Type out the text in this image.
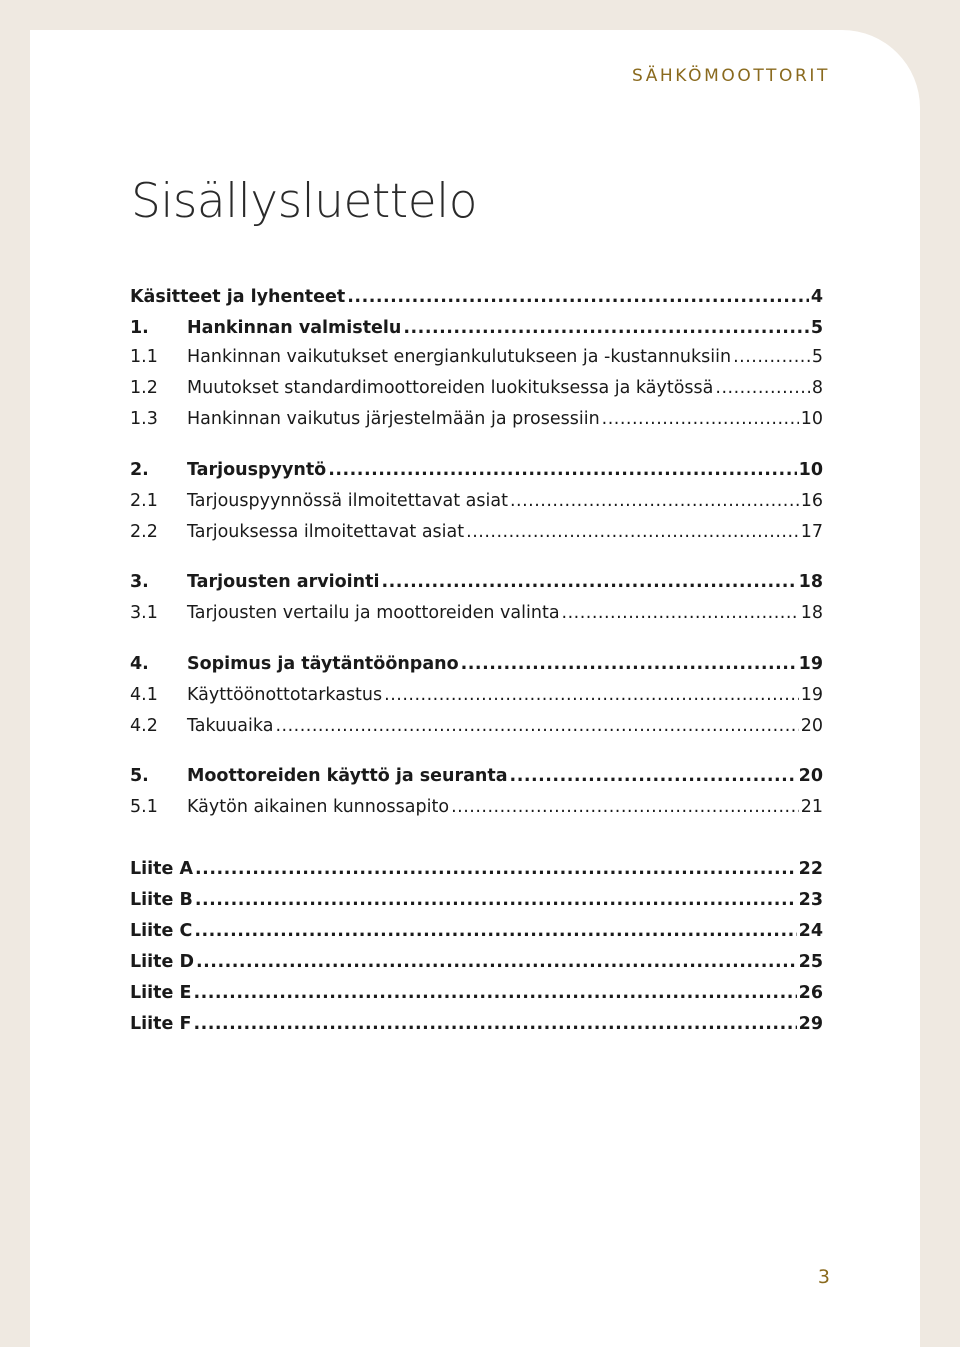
SÄHKÖMOOTTORIT
Sisällysluettelo
Käsitteet ja lyhenteet .....	4
1.	Hankinnan valmistelu .....	5
1.1	Hankinnan vaikutukset energiankulutukseen ja -kustannuksiin .....	5
1.2	Muutokset standardimoottoreiden luokituksessa ja käytössä .....	8
1.3	Hankinnan vaikutus järjestelmään ja prosessiin .....	10
2.	Tarjouspyyntö .....	10
2.1	Tarjouspyynnössä ilmoitettavat asiat .....	16
2.2	Tarjouksessa ilmoitettavat asiat .....	17
3.	Tarjousten arviointi .....	18
3.1	Tarjousten vertailu ja moottoreiden valinta .....	18
4.	Sopimus ja täytäntöönpano .....	19
4.1	Käyttöönottotarkastus .....	19
4.2	Takuuaika .....	20
5.	Moottoreiden käyttö ja seuranta .....	20
5.1	Käytön aikainen kunnossapito .....	21
Liite A .....	22
Liite B .....	23
Liite C .....	24
Liite D .....	25
Liite E .....	26
Liite F .....	29
3
